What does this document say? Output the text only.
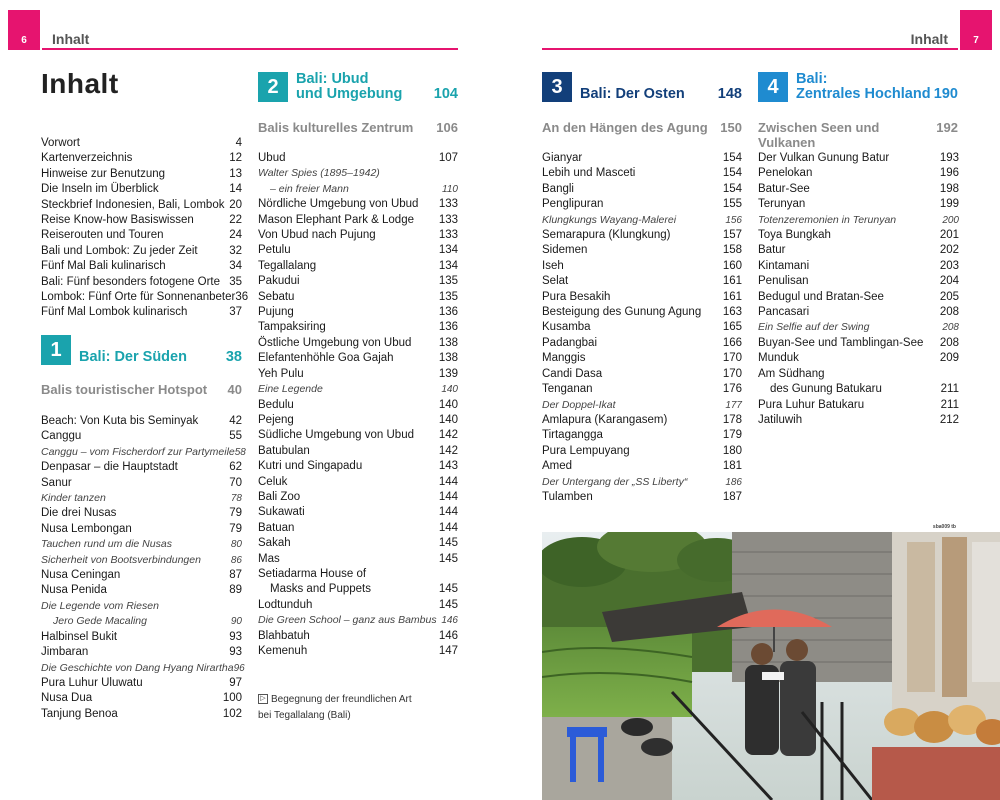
6	7
Inhalt	Inhalt
Inhalt
Vorwort	4
Kartenverzeichnis	12
Hinweise zur Benutzung	13
Die Inseln im Überblick	14
Steckbrief Indonesien, Bali, Lombok 20
Reise Know-how Basiswissen	22
Reiserouten und Touren	24
Bali und Lombok: Zu jeder Zeit	32
Fünf Mal Bali kulinarisch	34
Bali: Fünf besonders fotogene Orte 35
Lombok: Fünf Orte für Sonnenanbeter 36
Fünf Mal Lombok kulinarisch	37
1	Bali: Der Süden	38
Balis touristischer Hotspot 40
Beach: Von Kuta bis Seminyak	42
Canggu	55
Canggu – vom Fischerdorf zur Partymeile 58
Denpasar – die Hauptstadt	62
Sanur	70
Kinder tanzen	78
Die drei Nusas	79
Nusa Lembongan	79
Tauchen rund um die Nusas	80
Sicherheit von Bootsverbindungen	86
Nusa Ceningan	87
Nusa Penida	89
Die Legende vom Riesen
Jero Gede Macaling	90
Halbinsel Bukit	93
Jimbaran	93
Die Geschichte von Dang Hyang Nirartha 96
Pura Luhur Uluwatu	97
Nusa Dua	100
Tanjung Benoa	102
2	Bali: Ubud
und Umgebung	104
Balis kulturelles Zentrum 106
Ubud	107
Walter Spies (1895–1942)
– ein freier Mann	110
Nördliche Umgebung von Ubud 133
Mason Elephant Park & Lodge 133
Von Ubud nach Pujung	133
Petulu	134
Tegallalang	134
Pakudui	135
Sebatu	135
Pujung	136
Tampaksiring	136
Östliche Umgebung von Ubud 138
Elefantenhöhle Goa Gajah	138
Yeh Pulu	139
Eine Legende	140
Bedulu	140
Pejeng	140
Südliche Umgebung von Ubud 142
Batubulan	142
Kutri und Singapadu	143
Celuk	144
Bali Zoo	144
Sukawati	144
Batuan	144
Sakah	145
Mas	145
Setiadarma House of
Masks and Puppets	145
Lodtunduh	145
Die Green School – ganz aus Bambus 146
Blahbatuh	146
Kemenuh	147
▷ Begegnung der freundlichen Art
bei Tegallalang (Bali)
3	Bali: Der Osten	148
An den Hängen des Agung 150
Gianyar	154
Lebih und Masceti	154
Bangli	154
Penglipuran	155
Klungkungs Wayang-Malerei	156
Semarapura (Klungkung)	157
Sidemen	158
Iseh	160
Selat	161
Pura Besakih	161
Besteigung des Gunung Agung 163
Kusamba	165
Padangbai	166
Manggis	170
Candi Dasa	170
Tenganan	176
Der Doppel-Ikat	177
Amlapura (Karangasem)	178
Tirtagangga	179
Pura Lempuyang	180
Amed	181
Der Untergang der „SS Liberty“	186
Tulamben	187
4	Bali:
Zentrales Hochland 190
Zwischen Seen und Vulkanen
192
Der Vulkan Gunung Batur	193
Penelokan	196
Batur-See	198
Terunyan	199
Totenzeremonien in Terunyan	200
Toya Bungkah	201
Batur	202
Kintamani	203
Penulisan	204
Bedugul und Bratan-See	205
Pancasari	208
Ein Selfie auf der Swing	208
Buyan-See und Tamblingan-See 208
Munduk	209
Am Südhang
des Gunung Batukaru	211
Pura Luhur Batukaru	211
Jatiluwih	212
sba009 tb
